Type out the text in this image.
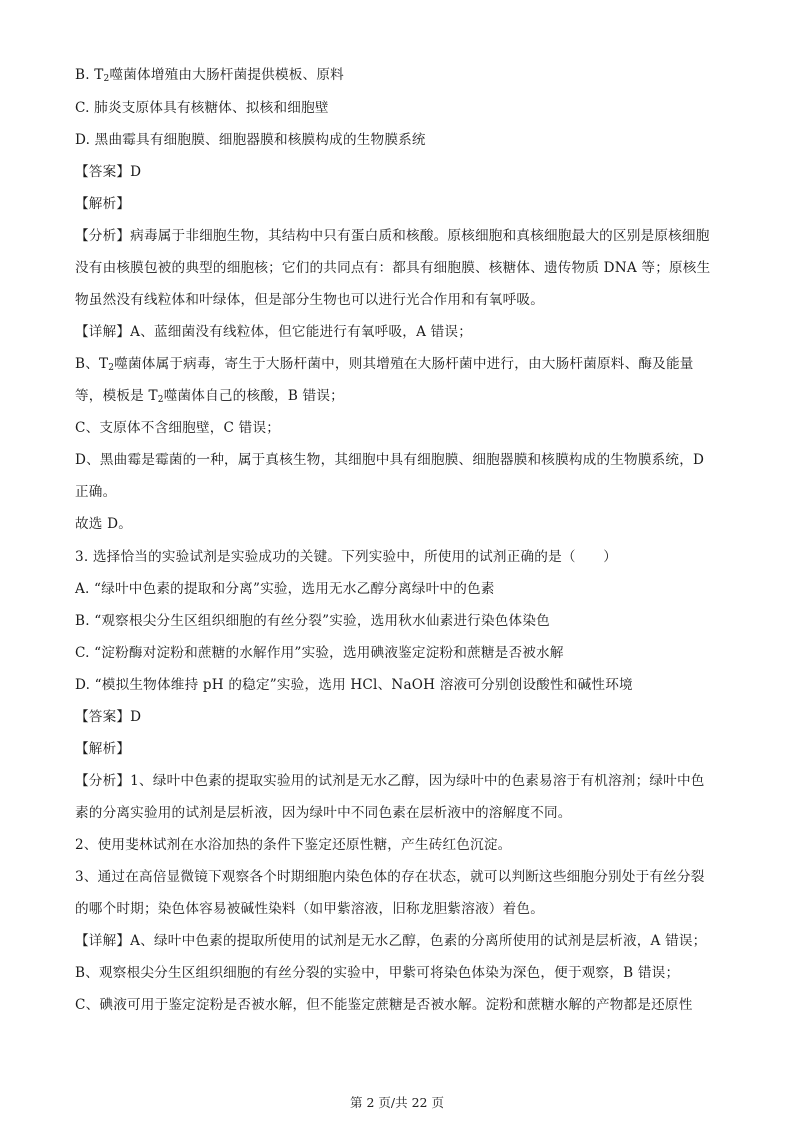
B. $T_2$噬菌体增殖由大肠杆菌提供模板、原料
C. 肺炎支原体具有核糖体、拟核和细胞壁
D. 黑曲霉具有细胞膜、细胞器膜和核膜构成的生物膜系统
【答案】D
【解析】
【分析】病毒属于非细胞生物，其结构中只有蛋白质和核酸。原核细胞和真核细胞最大的区别是原核细胞
没有由核膜包被的典型的细胞核；它们的共同点有：都具有细胞膜、核糖体、遗传物质 DNA 等；原核生
物虽然没有线粒体和叶绿体，但是部分生物也可以进行光合作用和有氧呼吸。
【详解】A、蓝细菌没有线粒体，但它能进行有氧呼吸，A 错误；
B、$T_2$噬菌体属于病毒，寄生于大肠杆菌中，则其增殖在大肠杆菌中进行，由大肠杆菌原料、酶及能量
等，模板是 $T_2$噬菌体自己的核酸，B 错误；
C、支原体不含细胞壁，C 错误；
D、黑曲霉是霉菌的一种，属于真核生物，其细胞中具有细胞膜、细胞器膜和核膜构成的生物膜系统，D
正确。
故选 D。
3. 选择恰当的实验试剂是实验成功的关键。下列实验中，所使用的试剂正确的是（　　）
A. “绿叶中色素的提取和分离”实验，选用无水乙醇分离绿叶中的色素
B. “观察根尖分生区组织细胞的有丝分裂”实验，选用秋水仙素进行染色体染色
C. “淀粉酶对淀粉和蔗糖的水解作用”实验，选用碘液鉴定淀粉和蔗糖是否被水解
D. “模拟生物体维持 pH 的稳定”实验，选用 HCl、NaOH 溶液可分别创设酸性和碱性环境
【答案】D
【解析】
【分析】1、绿叶中色素的提取实验用的试剂是无水乙醇，因为绿叶中的色素易溶于有机溶剂；绿叶中色
素的分离实验用的试剂是层析液，因为绿叶中不同色素在层析液中的溶解度不同。
2、使用斐林试剂在水浴加热的条件下鉴定还原性糖，产生砖红色沉淀。
3、通过在高倍显微镜下观察各个时期细胞内染色体的存在状态，就可以判断这些细胞分别处于有丝分裂
的哪个时期；染色体容易被碱性染料（如甲紫溶液，旧称龙胆紫溶液）着色。
【详解】A、绿叶中色素的提取所使用的试剂是无水乙醇，色素的分离所使用的试剂是层析液，A 错误；
B、观察根尖分生区组织细胞的有丝分裂的实验中，甲紫可将染色体染为深色，便于观察，B 错误；
C、碘液可用于鉴定淀粉是否被水解，但不能鉴定蔗糖是否被水解。淀粉和蔗糖水解的产物都是还原性
第 2 页/共 22 页
